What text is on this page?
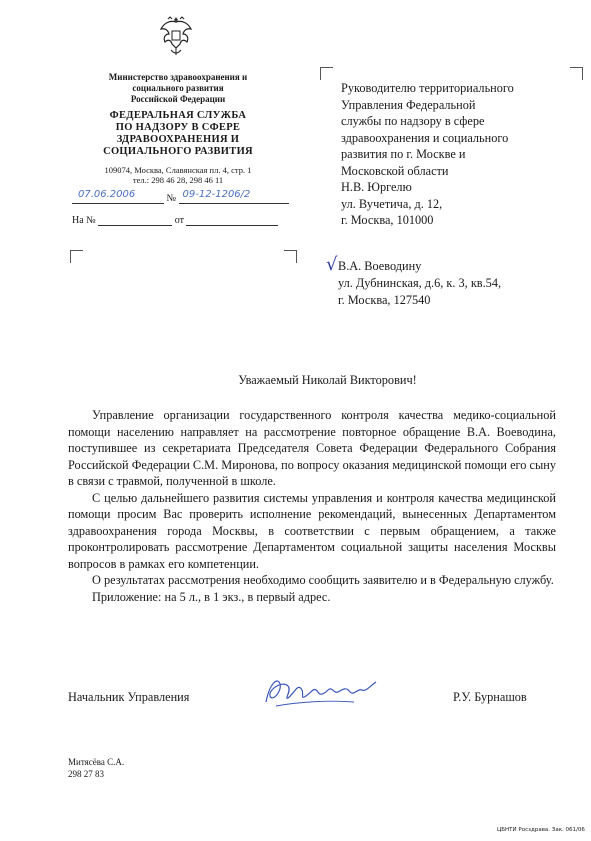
Министерство здравоохранения и
социального развития
Российской Федерации
ФЕДЕРАЛЬНАЯ СЛУЖБА
ПО НАДЗОРУ В СФЕРЕ
ЗДРАВООХРАНЕНИЯ И
СОЦИАЛЬНОГО РАЗВИТИЯ
109074, Москва, Славянская пл. 4, стр. 1
тел.: 298 46 28, 298 46 11
07.06.2006	№ 09-12-1206/2
На №	от
Руководителю территориального
Управления Федеральной
службы по надзору в сфере
здравоохранения и социального
развития по г. Москве и
Московской области
Н.В. Юргелю
ул. Вучетича, д. 12,
г. Москва, 101000
√ В.А. Воеводину
ул. Дубнинская, д.6, к. 3, кв.54,
г. Москва, 127540
Уважаемый Николай Викторович!

Управление организации государственного контроля качества медико-социальной помощи населению направляет на рассмотрение повторное обращение В.А. Воеводина, поступившее из секретариата Председателя Совета Федерации Федерального Собрания Российской Федерации С.М. Миронова, по вопросу оказания медицинской помощи его сыну в связи с травмой, полученной в школе.

С целью дальнейшего развития системы управления и контроля качества медицинской помощи просим Вас проверить исполнение рекомендаций, вынесенных Департаментом здравоохранения города Москвы, в соответствии с первым обращением, а также проконтролировать рассмотрение Департаментом социальной защиты населения Москвы вопросов в рамках его компетенции.

О результатах рассмотрения необходимо сообщить заявителю и в Федеральную службу.

Приложение: на 5 л., в 1 экз., в первый адрес.

Начальник Управления	Р.У. Бурнашов
Митясёва С.А.
298 27 83
ЦБНТИ Росздрава. Зак. 061/06
